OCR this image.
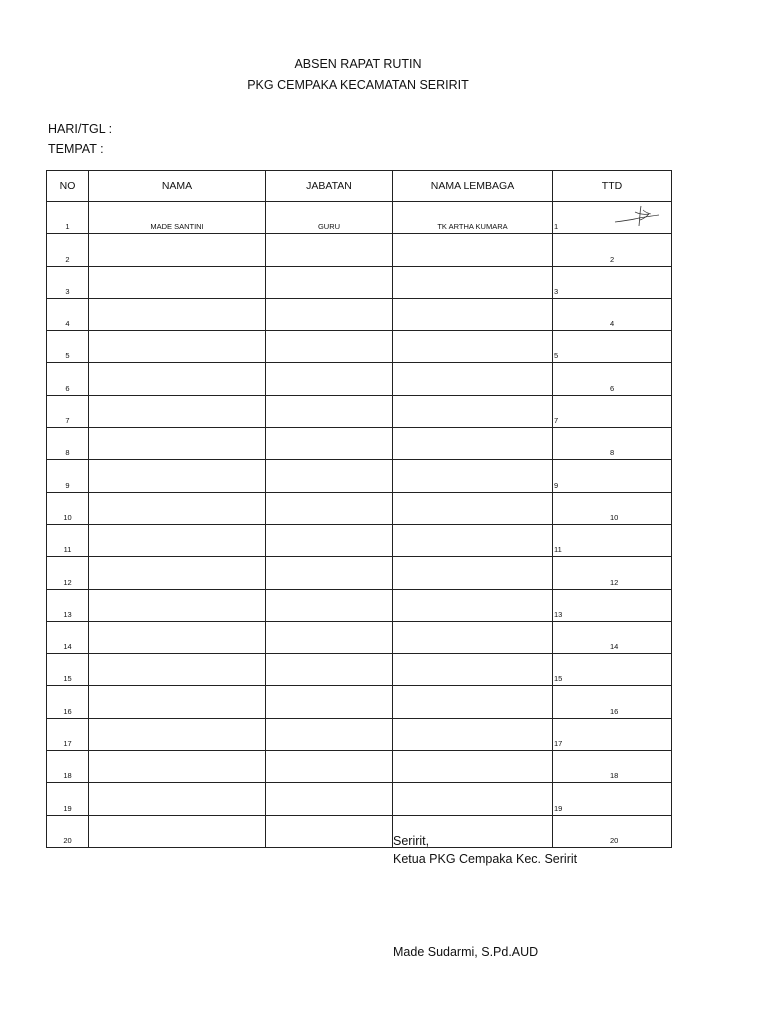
ABSEN RAPAT RUTIN
PKG CEMPAKA KECAMATAN SERIRIT
HARI/TGL :
TEMPAT :
NO	NAMA	JABATAN	NAMA LEMBAGA	TTD
1	MADE SANTINI	GURU	TK ARTHA KUMARA	1

2				2

3				3

4				4

5				5

6				6

7				7

8				8

9				9

10				10

11				11

12				12

13				13

14				14

15				15

16				16

17				17

18				18

19				19

20				20
Seririt,
Ketua PKG Cempaka Kec. Seririt
Made Sudarmi, S.Pd.AUD
